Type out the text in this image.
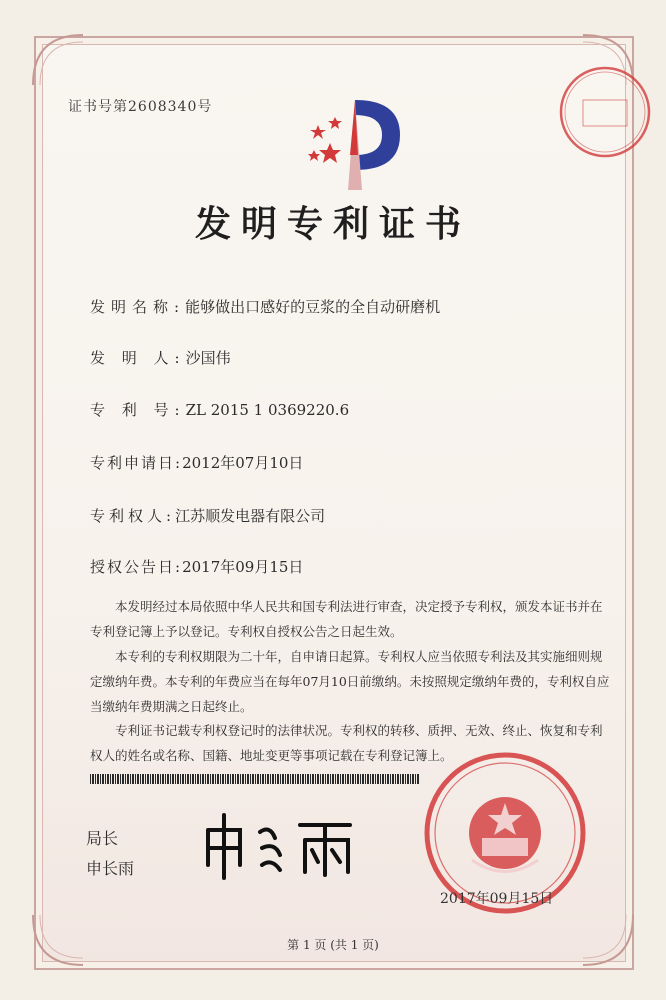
证书号第2608340号
发明专利证书
发明名称:能够做出口感好的豆浆的全自动研磨机
发 明 人:沙国伟
专 利 号:ZL 2015 1 0369220.6
专利申请日:2012年07月10日
专利权人:江苏顺发电器有限公司
授权公告日:2017年09月15日
　　本发明经过本局依照中华人民共和国专利法进行审查，决定授予专利权，颁发本证书并在专利登记簿上予以登记。专利权自授权公告之日起生效。
　　本专利的专利权期限为二十年，自申请日起算。专利权人应当依照专利法及其实施细则规定缴纳年费。本专利的年费应当在每年07月10日前缴纳。未按照规定缴纳年费的，专利权自应当缴纳年费期满之日起终止。
　　专利证书记载专利权登记时的法律状况。专利权的转移、质押、无效、终止、恢复和专利权人的姓名或名称、国籍、地址变更等事项记载在专利登记簿上。
局长
申长雨
2017年09月15日
第 1 页 (共 1 页)
